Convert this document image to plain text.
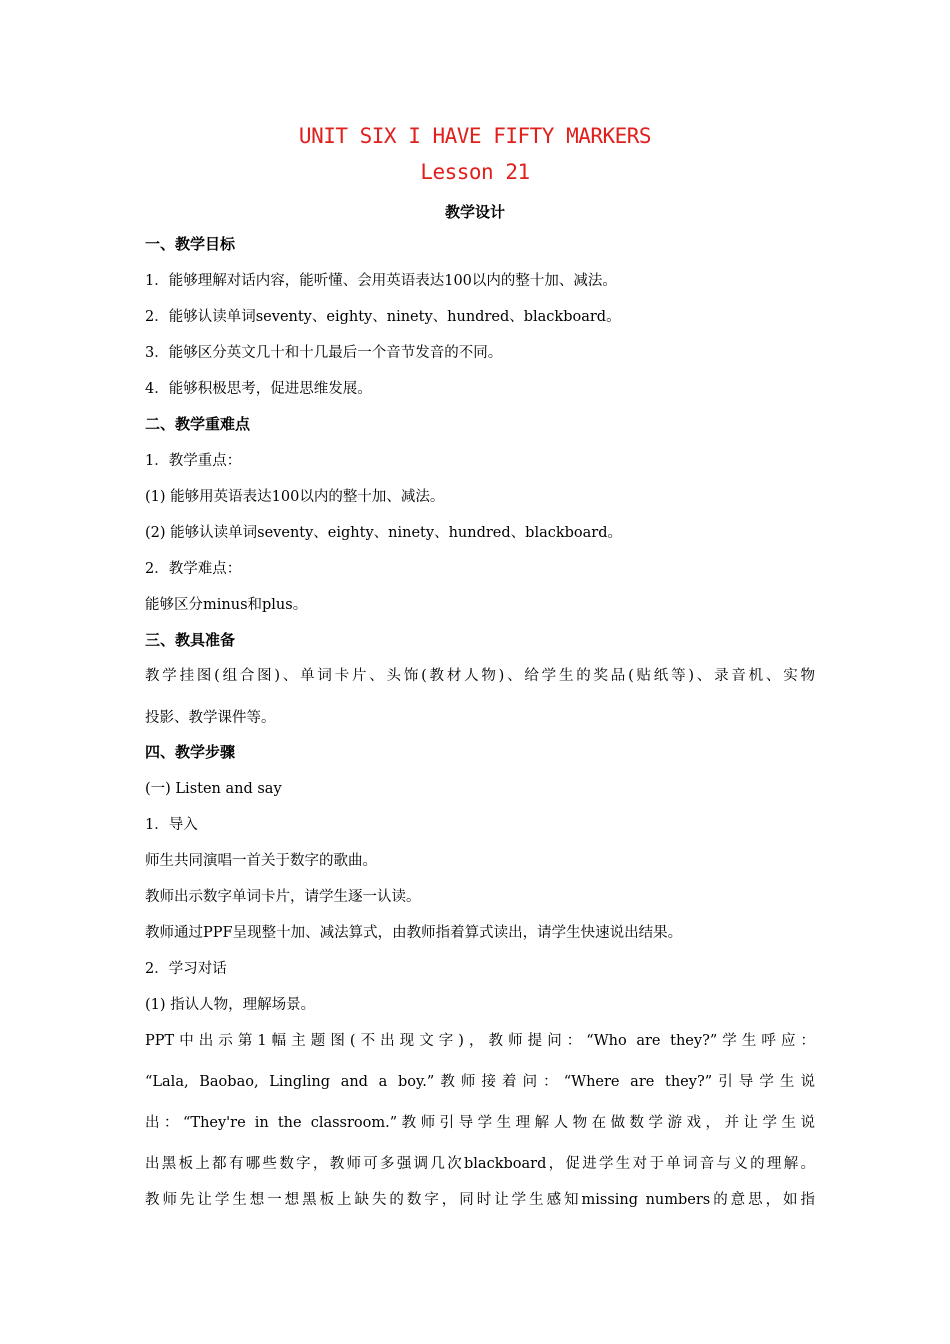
UNIT SIX I HAVE FIFTY MARKERS
Lesson 21
教学设计
一、教学目标
1．能够理解对话内容，能听懂、会用英语表达100以内的整十加、减法。
2．能够认读单词seventy、eighty、ninety、hundred、blackboard。
3．能够区分英文几十和十几最后一个音节发音的不同。
4．能够积极思考，促进思维发展。
二、教学重难点
1．教学重点：
(1) 能够用英语表达100以内的整十加、减法。
(2) 能够认读单词seventy、eighty、ninety、hundred、blackboard。
2．教学难点：
能够区分minus和plus。
三、教具准备
教学挂图(组合图)、单词卡片、头饰(教材人物)、给学生的奖品(贴纸等)、录音机、实物
投影、教学课件等。
四、教学步骤
(一) Listen and say
1．导入
师生共同演唱一首关于数字的歌曲。
教师出示数字单词卡片，请学生逐一认读。
教师通过PPF呈现整十加、减法算式，由教师指着算式读出，请学生快速说出结果。
2．学习对话
(1) 指认人物，理解场景。
PPT中出示第1幅主题图(不出现文字)，教师提问：“Who are they?”学生呼应：
“Lala, Baobao, Lingling and a boy.”教师接着问：“Where are they?”引导学生说
出：“They're in the classroom.”教师引导学生理解人物在做数学游戏，并让学生说
出黑板上都有哪些数字，教师可多强调几次blackboard，促进学生对于单词音与义的理解。
教师先让学生想一想黑板上缺失的数字，同时让学生感知missing numbers的意思，如指
